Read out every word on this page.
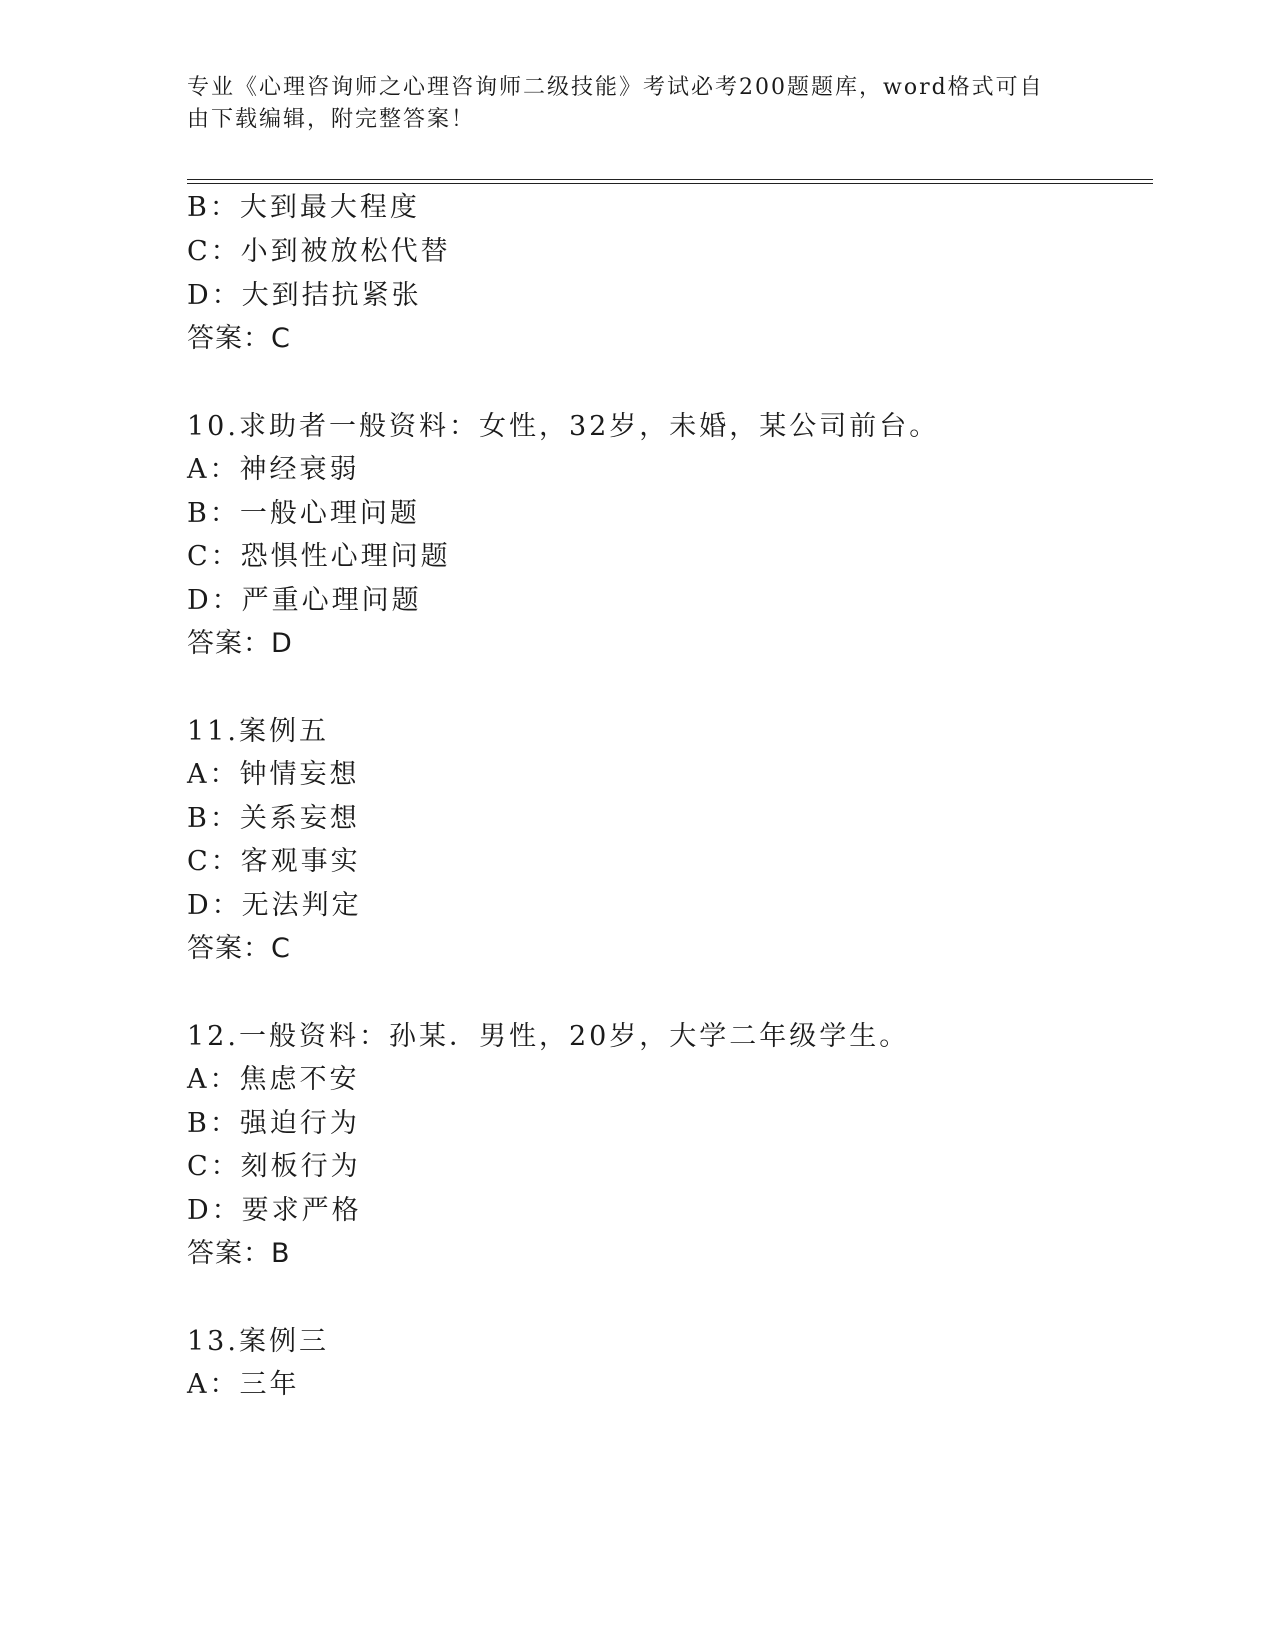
专业《心理咨询师之心理咨询师二级技能》考试必考200题题库，word格式可自
由下载编辑，附完整答案！
B：大到最大程度
C：小到被放松代替
D：大到拮抗紧张
答案：C
10.求助者一般资料：女性，32岁，未婚，某公司前台。
A：神经衰弱
B：一般心理问题
C：恐惧性心理问题
D：严重心理问题
答案：D
11.案例五
A：钟情妄想
B：关系妄想
C：客观事实
D：无法判定
答案：C
12.一般资料：孙某．男性，20岁，大学二年级学生。
A：焦虑不安
B：强迫行为
C：刻板行为
D：要求严格
答案：B
13.案例三
A：三年
